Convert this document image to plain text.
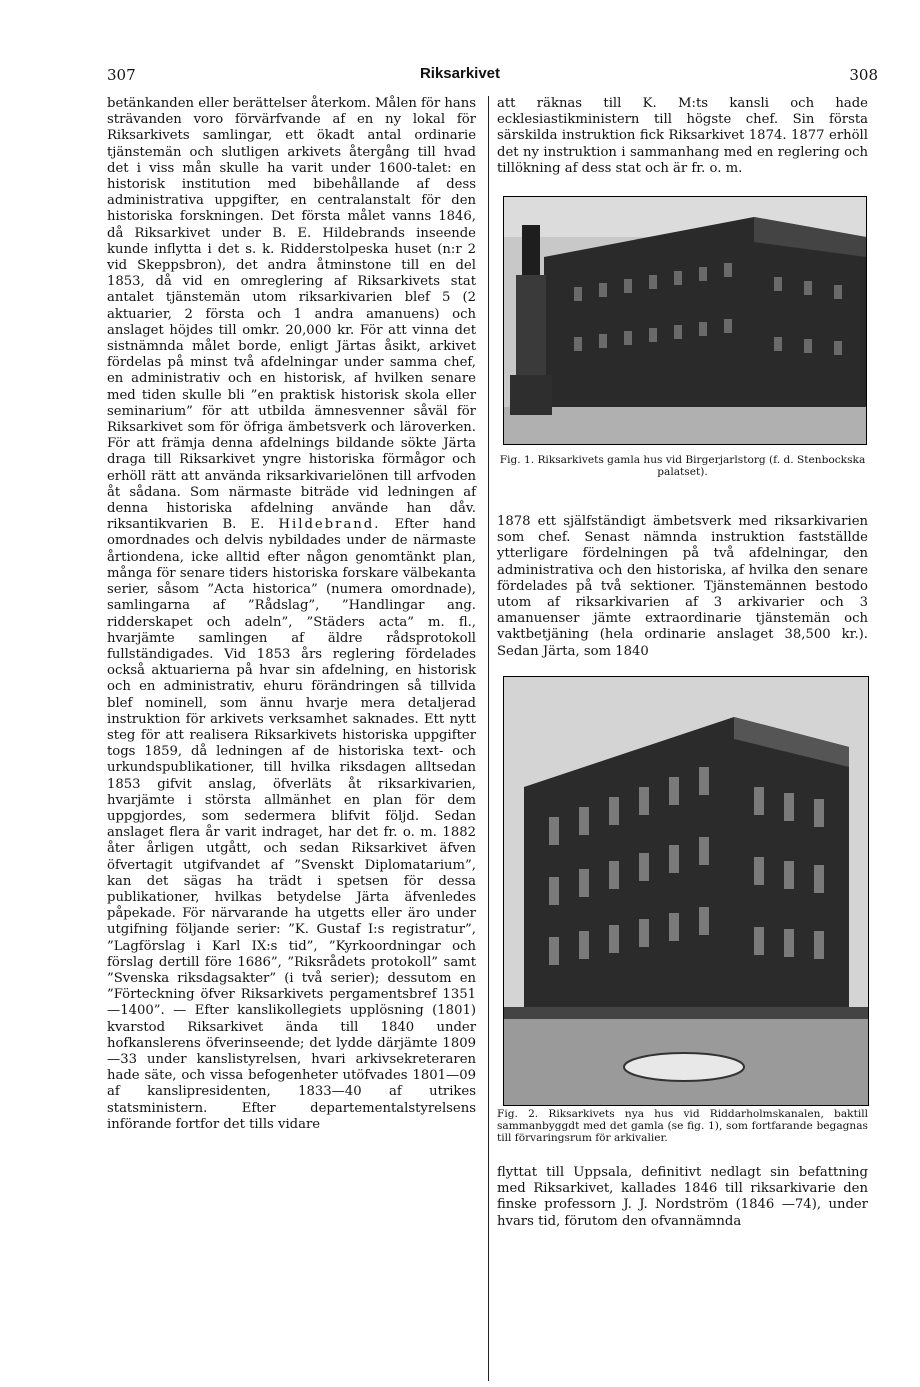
307	Riksarkivet	308
betänkanden eller berättelser återkom. Målen för hans strävanden voro förvärfvande af en ny lokal för Riksarkivets samlingar, ett ökadt antal ordinarie tjänstemän och slutligen arkivets återgång till hvad det i viss mån skulle ha varit under 1600-talet: en historisk institution med bibehållande af dess administrativa uppgifter, en centralanstalt för den historiska forskningen. Det första målet vanns 1846, då Riksarkivet under B. E. Hildebrands inseende kunde inflytta i det s. k. Ridderstolpeska huset (n:r 2 vid Skeppsbron), det andra åtminstone till en del 1853, då vid en omreglering af Riksarkivets stat antalet tjänstemän utom riksarkivarien blef 5 (2 aktuarier, 2 första och 1 andra amanuens) och anslaget höjdes till omkr. 20,000 kr. För att vinna det sistnämnda målet borde, enligt Järtas åsikt, arkivet fördelas på minst två afdelningar under samma chef, en administrativ och en historisk, af hvilken senare med tiden skulle bli ”en praktisk historisk skola eller seminarium” för att utbilda ämnesvenner såväl för Riksarkivet som för öfriga ämbetsverk och läroverken. För att främja denna afdelnings bildande sökte Järta draga till Riksarkivet yngre historiska förmågor och erhöll rätt att använda riksarkivarielönen till arfvoden åt sådana. Som närmaste biträde vid ledningen af denna historiska afdelning använde han dåv. riksantikvarien B. E. Hildebrand. Efter hand omordnades och delvis nybildades under de närmaste årtiondena, icke alltid efter någon genomtänkt plan, många för senare tiders historiska forskare välbekanta serier, såsom ”Acta historica” (numera omordnade), samlingarna af ”Rådslag”, ”Handlingar ang. ridderskapet och adeln”, ”Städers acta” m. fl., hvarjämte samlingen af äldre rådsprotokoll fullständigades. Vid 1853 års reglering fördelades också aktuarierna på hvar sin afdelning, en historisk och en administrativ, ehuru förändringen så tillvida blef nominell, som ännu hvarje mera detaljerad instruktion för arkivets verksamhet saknades. Ett nytt steg för att realisera Riksarkivets historiska uppgifter togs 1859, då ledningen af de historiska text- och urkundspublikationer, till hvilka riksdagen alltsedan 1853 gifvit anslag, öfverläts åt riksarkivarien, hvarjämte i största allmänhet en plan för dem uppgjordes, som sedermera blifvit följd. Sedan anslaget flera år varit indraget, har det fr. o. m. 1882 åter årligen utgått, och sedan Riksarkivet äfven öfvertagit utgifvandet af ”Svenskt Diplomatarium”, kan det sägas ha trädt i spetsen för dessa publikationer, hvilkas betydelse Järta äfvenledes påpekade. För närvarande ha utgetts eller äro under utgifning följande serier: ”K. Gustaf I:s registratur”, ”Lagförslag i Karl IX:s tid”, ”Kyrkoordningar och förslag dertill före 1686”, ”Riksrådets protokoll” samt ”Svenska riksdagsakter” (i två serier); dessutom en ”Förteckning öfver Riksarkivets pergamentsbref 1351—1400”. — Efter kanslikollegiets upplösning (1801) kvarstod Riksarkivet ända till 1840 under hofkanslerens öfverinseende; det lydde därjämte 1809—33 under kanslistyrelsen, hvari arkivsekreteraren hade säte, och vissa befogenheter utöfvades 1801—09 af kanslipresidenten, 1833—40 af utrikes statsministern. Efter departementalstyrelsens införande fortfor det tills vidare
att räknas till K. M:ts kansli och hade ecklesiastikministern till högste chef. Sin första särskilda instruktion fick Riksarkivet 1874. 1877 erhöll det ny instruktion i sammanhang med en reglering och tillökning af dess stat och är fr. o. m.
Fig. 1. Riksarkivets gamla hus vid Birgerjarlstorg (f. d. Stenbockska palatset).
1878 ett själfständigt ämbetsverk med riksarkivarien som chef. Senast nämnda instruktion fastställde ytterligare fördelningen på två afdelningar, den administrativa och den historiska, af hvilka den senare fördelades på två sektioner. Tjänstemännen bestodo utom af riksarkivarien af 3 arkivarier och 3 amanuenser jämte extraordinarie tjänstemän och vaktbetjäning (hela ordinarie anslaget 38,500 kr.). Sedan Järta, som 1840
Fig. 2. Riksarkivets nya hus vid Riddarholmskanalen, baktill sammanbyggdt med det gamla (se fig. 1), som fortfarande begagnas till förvaringsrum för arkivalier.
flyttat till Uppsala, definitivt nedlagt sin befattning med Riksarkivet, kallades 1846 till riksarkivarie den finske professorn J. J. Nordström (1846 —74), under hvars tid, förutom den ofvannämnda
